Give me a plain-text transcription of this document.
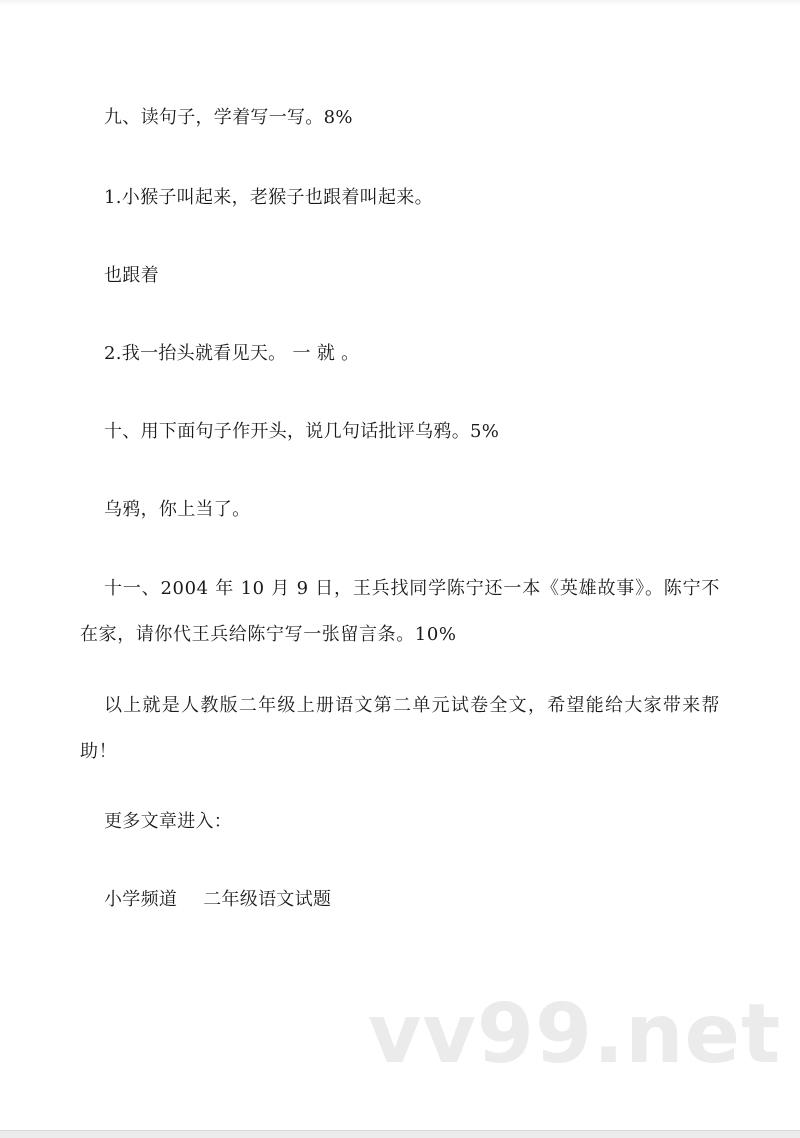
九、读句子，学着写一写。8%

1.小猴子叫起来，老猴子也跟着叫起来。

也跟着

2.我一抬头就看见天。 一 就 。

十、用下面句子作开头，说几句话批评乌鸦。5%

乌鸦，你上当了。

十一、2004 年 10 月 9 日，王兵找同学陈宁还一本《英雄故事》。陈宁不在家，请你代王兵给陈宁写一张留言条。10%

以上就是人教版二年级上册语文第二单元试卷全文，希望能给大家带来帮助！

更多文章进入：

小学频道 二年级语文试题

vv99.net
